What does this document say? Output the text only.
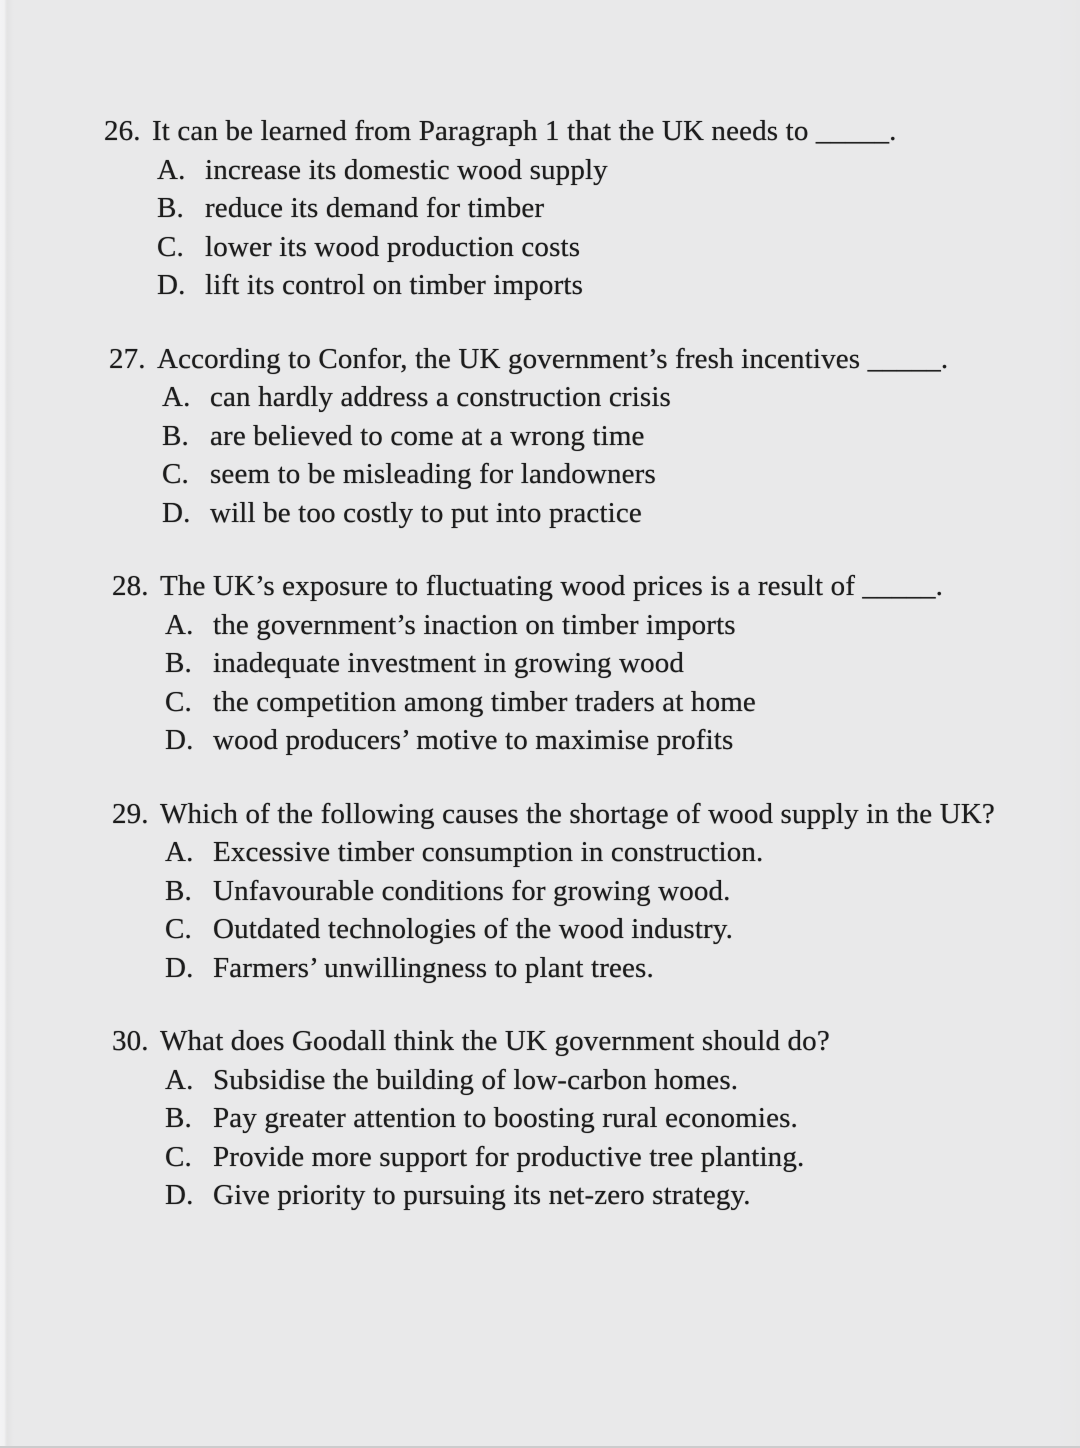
26. It can be learned from Paragraph 1 that the UK needs to _____.
A. increase its domestic wood supply
B. reduce its demand for timber
C. lower its wood production costs
D. lift its control on timber imports
27. According to Confor, the UK government’s fresh incentives _____.
A. can hardly address a construction crisis
B. are believed to come at a wrong time
C. seem to be misleading for landowners
D. will be too costly to put into practice
28. The UK’s exposure to fluctuating wood prices is a result of _____.
A. the government’s inaction on timber imports
B. inadequate investment in growing wood
C. the competition among timber traders at home
D. wood producers’ motive to maximise profits
29. Which of the following causes the shortage of wood supply in the UK?
A. Excessive timber consumption in construction.
B. Unfavourable conditions for growing wood.
C. Outdated technologies of the wood industry.
D. Farmers’ unwillingness to plant trees.
30. What does Goodall think the UK government should do?
A. Subsidise the building of low-carbon homes.
B. Pay greater attention to boosting rural economies.
C. Provide more support for productive tree planting.
D. Give priority to pursuing its net-zero strategy.
